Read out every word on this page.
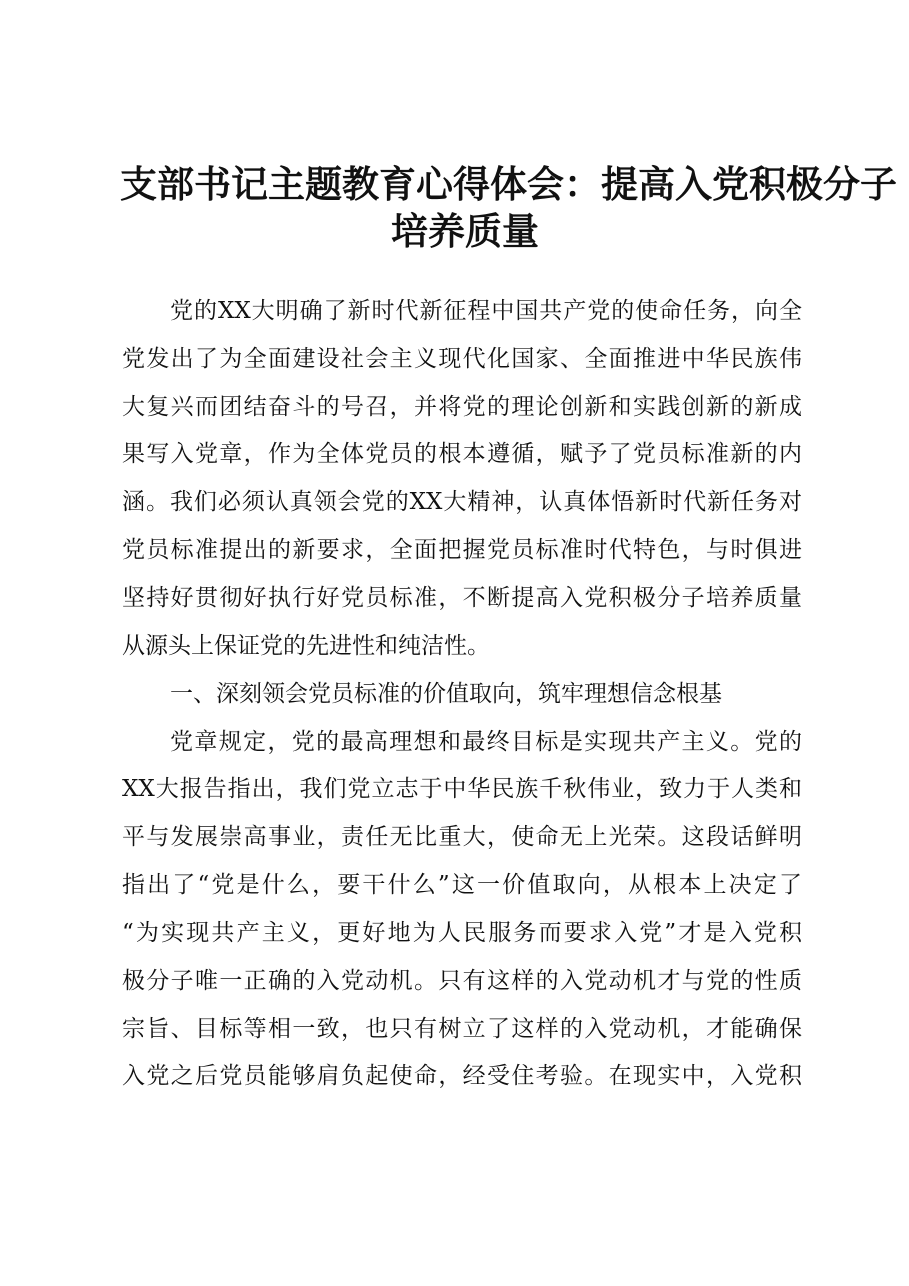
支部书记主题教育心得体会：提高入党积极分子
培养质量
党的XX大明确了新时代新征程中国共产党的使命任务，向全
党发出了为全面建设社会主义现代化国家、全面推进中华民族伟
大复兴而团结奋斗的号召，并将党的理论创新和实践创新的新成
果写入党章，作为全体党员的根本遵循，赋予了党员标准新的内
涵。我们必须认真领会党的XX大精神，认真体悟新时代新任务对
党员标准提出的新要求，全面把握党员标准时代特色，与时俱进
坚持好贯彻好执行好党员标准，不断提高入党积极分子培养质量
从源头上保证党的先进性和纯洁性。
一、深刻领会党员标准的价值取向，筑牢理想信念根基
党章规定，党的最高理想和最终目标是实现共产主义。党的
XX大报告指出，我们党立志于中华民族千秋伟业，致力于人类和
平与发展崇高事业，责任无比重大，使命无上光荣。这段话鲜明
指出了“党是什么，要干什么”这一价值取向，从根本上决定了
“为实现共产主义，更好地为人民服务而要求入党”才是入党积
极分子唯一正确的入党动机。只有这样的入党动机才与党的性质
宗旨、目标等相一致，也只有树立了这样的入党动机，才能确保
入党之后党员能够肩负起使命，经受住考验。在现实中，入党积
